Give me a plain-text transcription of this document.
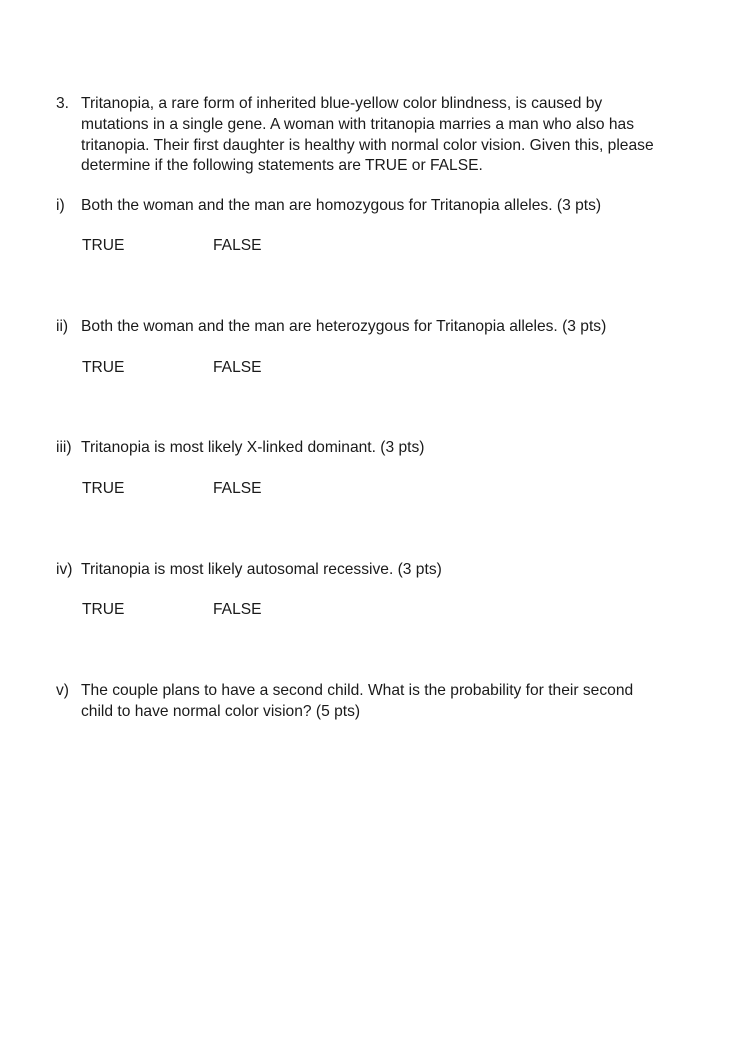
3. Tritanopia, a rare form of inherited blue-yellow color blindness, is caused by
mutations in a single gene. A woman with tritanopia marries a man who also has
tritanopia. Their first daughter is healthy with normal color vision. Given this, please
determine if the following statements are TRUE or FALSE.
i) Both the woman and the man are homozygous for Tritanopia alleles. (3 pts)
TRUE	FALSE
ii) Both the woman and the man are heterozygous for Tritanopia alleles. (3 pts)
TRUE	FALSE
iii) Tritanopia is most likely X-linked dominant. (3 pts)
TRUE	FALSE
iv) Tritanopia is most likely autosomal recessive. (3 pts)
TRUE	FALSE
v) The couple plans to have a second child. What is the probability for their second
child to have normal color vision? (5 pts)
